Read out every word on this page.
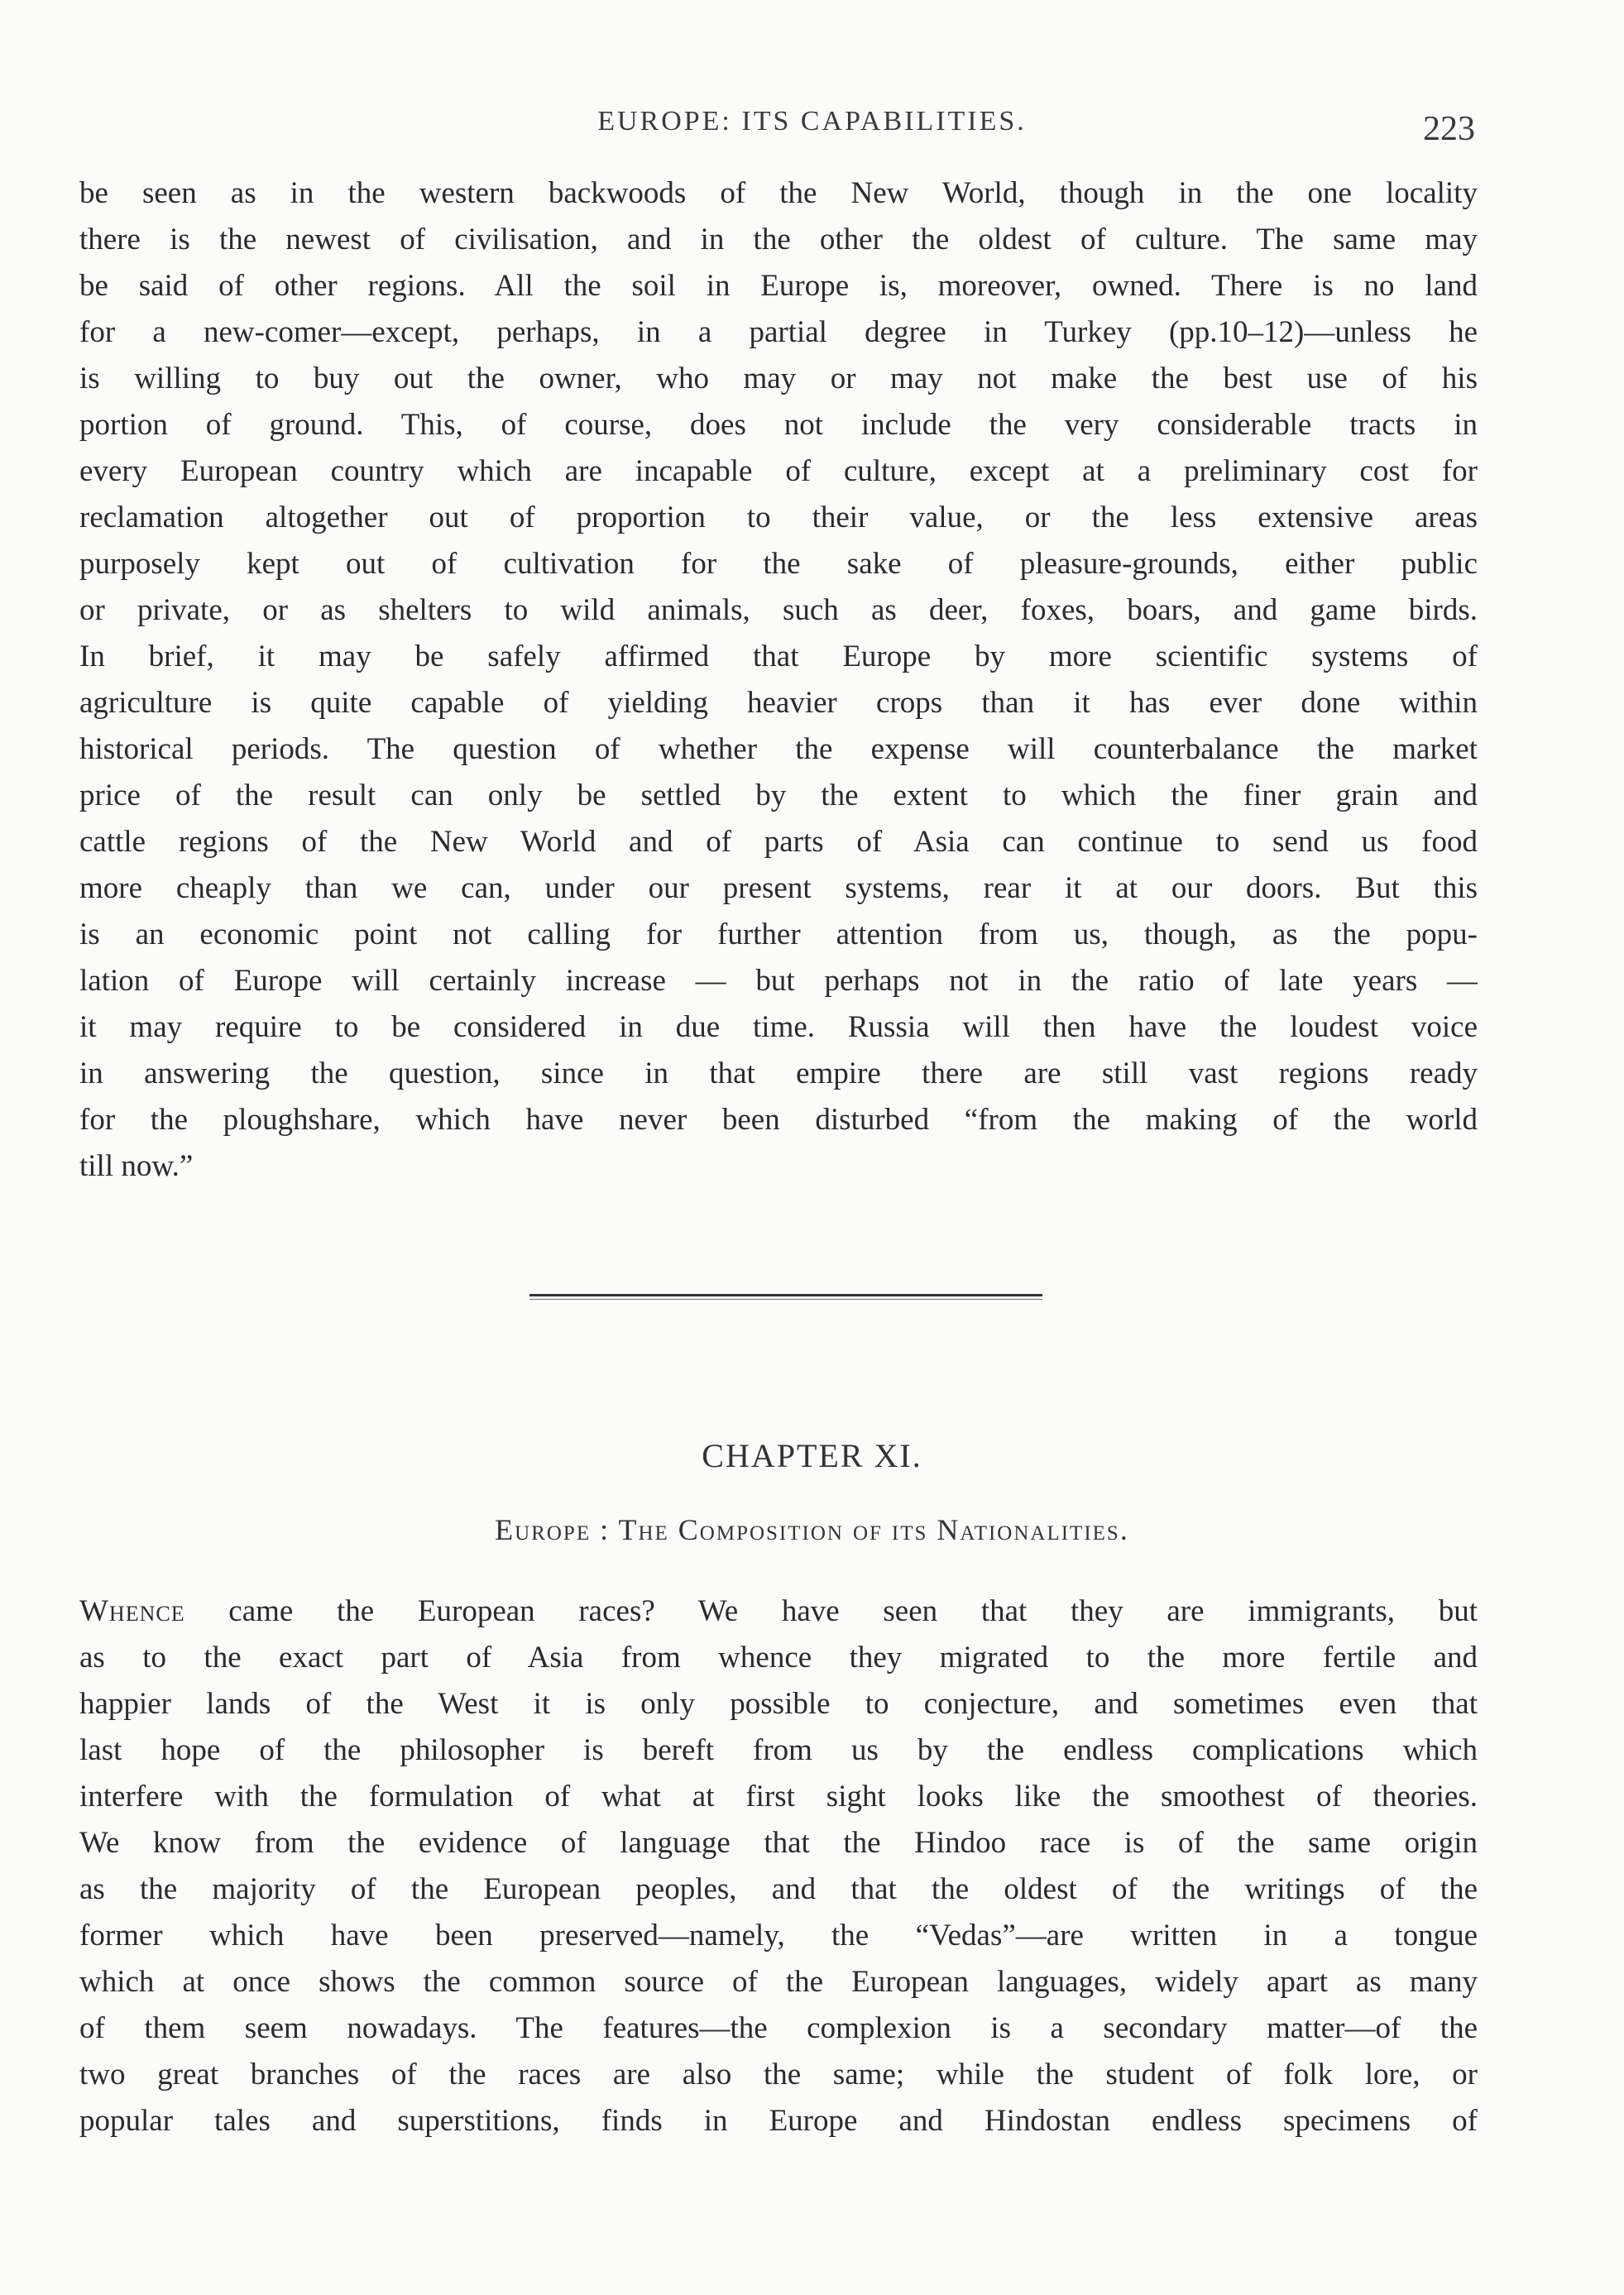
EUROPE: ITS CAPABILITIES.	223
be seen as in the western backwoods of the New World, though in the one locality
there is the newest of civilisation, and in the other the oldest of culture. The same may
be said of other regions. All the soil in Europe is, moreover, owned. There is no land
for a new-comer—except, perhaps, in a partial degree in Turkey (pp.10–12)—unless he
is willing to buy out the owner, who may or may not make the best use of his
portion of ground. This, of course, does not include the very considerable tracts in
every European country which are incapable of culture, except at a preliminary cost for
reclamation altogether out of proportion to their value, or the less extensive areas
purposely kept out of cultivation for the sake of pleasure-grounds, either public
or private, or as shelters to wild animals, such as deer, foxes, boars, and game birds.
In brief, it may be safely affirmed that Europe by more scientific systems of
agriculture is quite capable of yielding heavier crops than it has ever done within
historical periods. The question of whether the expense will counterbalance the market
price of the result can only be settled by the extent to which the finer grain and
cattle regions of the New World and of parts of Asia can continue to send us food
more cheaply than we can, under our present systems, rear it at our doors. But this
is an economic point not calling for further attention from us, though, as the popu-
lation of Europe will certainly increase — but perhaps not in the ratio of late years —
it may require to be considered in due time. Russia will then have the loudest voice
in answering the question, since in that empire there are still vast regions ready
for the ploughshare, which have never been disturbed “from the making of the world
till now.”
CHAPTER XI.
Europe : The Composition of its Nationalities.
Whence came the European races? We have seen that they are immigrants, but
as to the exact part of Asia from whence they migrated to the more fertile and
happier lands of the West it is only possible to conjecture, and sometimes even that
last hope of the philosopher is bereft from us by the endless complications which
interfere with the formulation of what at first sight looks like the smoothest of theories.
We know from the evidence of language that the Hindoo race is of the same origin
as the majority of the European peoples, and that the oldest of the writings of the
former which have been preserved—namely, the “Vedas”—are written in a tongue
which at once shows the common source of the European languages, widely apart as many
of them seem nowadays. The features—the complexion is a secondary matter—of the
two great branches of the races are also the same; while the student of folk lore, or
popular tales and superstitions, finds in Europe and Hindostan endless specimens of
